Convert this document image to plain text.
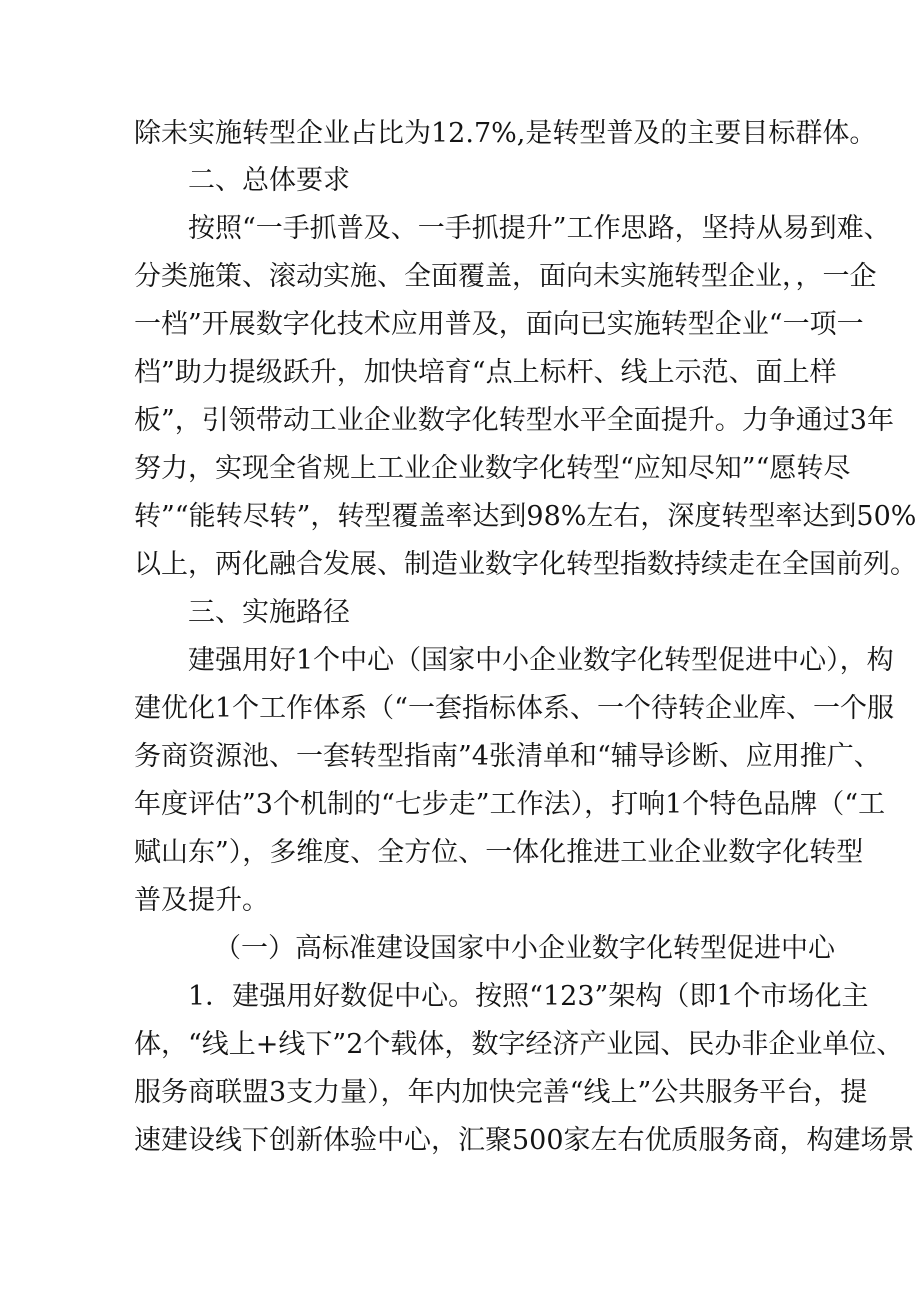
除未实施转型企业占比为12.7%,是转型普及的主要目标群体。
二、总体要求
按照“一手抓普及、一手抓提升”工作思路，坚持从易到难、
分类施策、滚动实施、全面覆盖，面向未实施转型企业，，一企
一档”开展数字化技术应用普及，面向已实施转型企业“一项一
档”助力提级跃升，加快培育“点上标杆、线上示范、面上样
板”，引领带动工业企业数字化转型水平全面提升。力争通过3年
努力，实现全省规上工业企业数字化转型“应知尽知”“愿转尽
转”“能转尽转”，转型覆盖率达到98%左右，深度转型率达到50%
以上，两化融合发展、制造业数字化转型指数持续走在全国前列。
三、实施路径
建强用好1个中心（国家中小企业数字化转型促进中心），构
建优化1个工作体系（“一套指标体系、一个待转企业库、一个服
务商资源池、一套转型指南”4张清单和“辅导诊断、应用推广、
年度评估”3个机制的“七步走”工作法），打响1个特色品牌（“工
赋山东”），多维度、全方位、一体化推进工业企业数字化转型
普及提升。
（一）高标准建设国家中小企业数字化转型促进中心
1．建强用好数促中心。按照“123”架构（即1个市场化主
体，“线上+线下”2个载体，数字经济产业园、民办非企业单位、
服务商联盟3支力量），年内加快完善“线上”公共服务平台，提
速建设线下创新体验中心，汇聚500家左右优质服务商，构建场景
